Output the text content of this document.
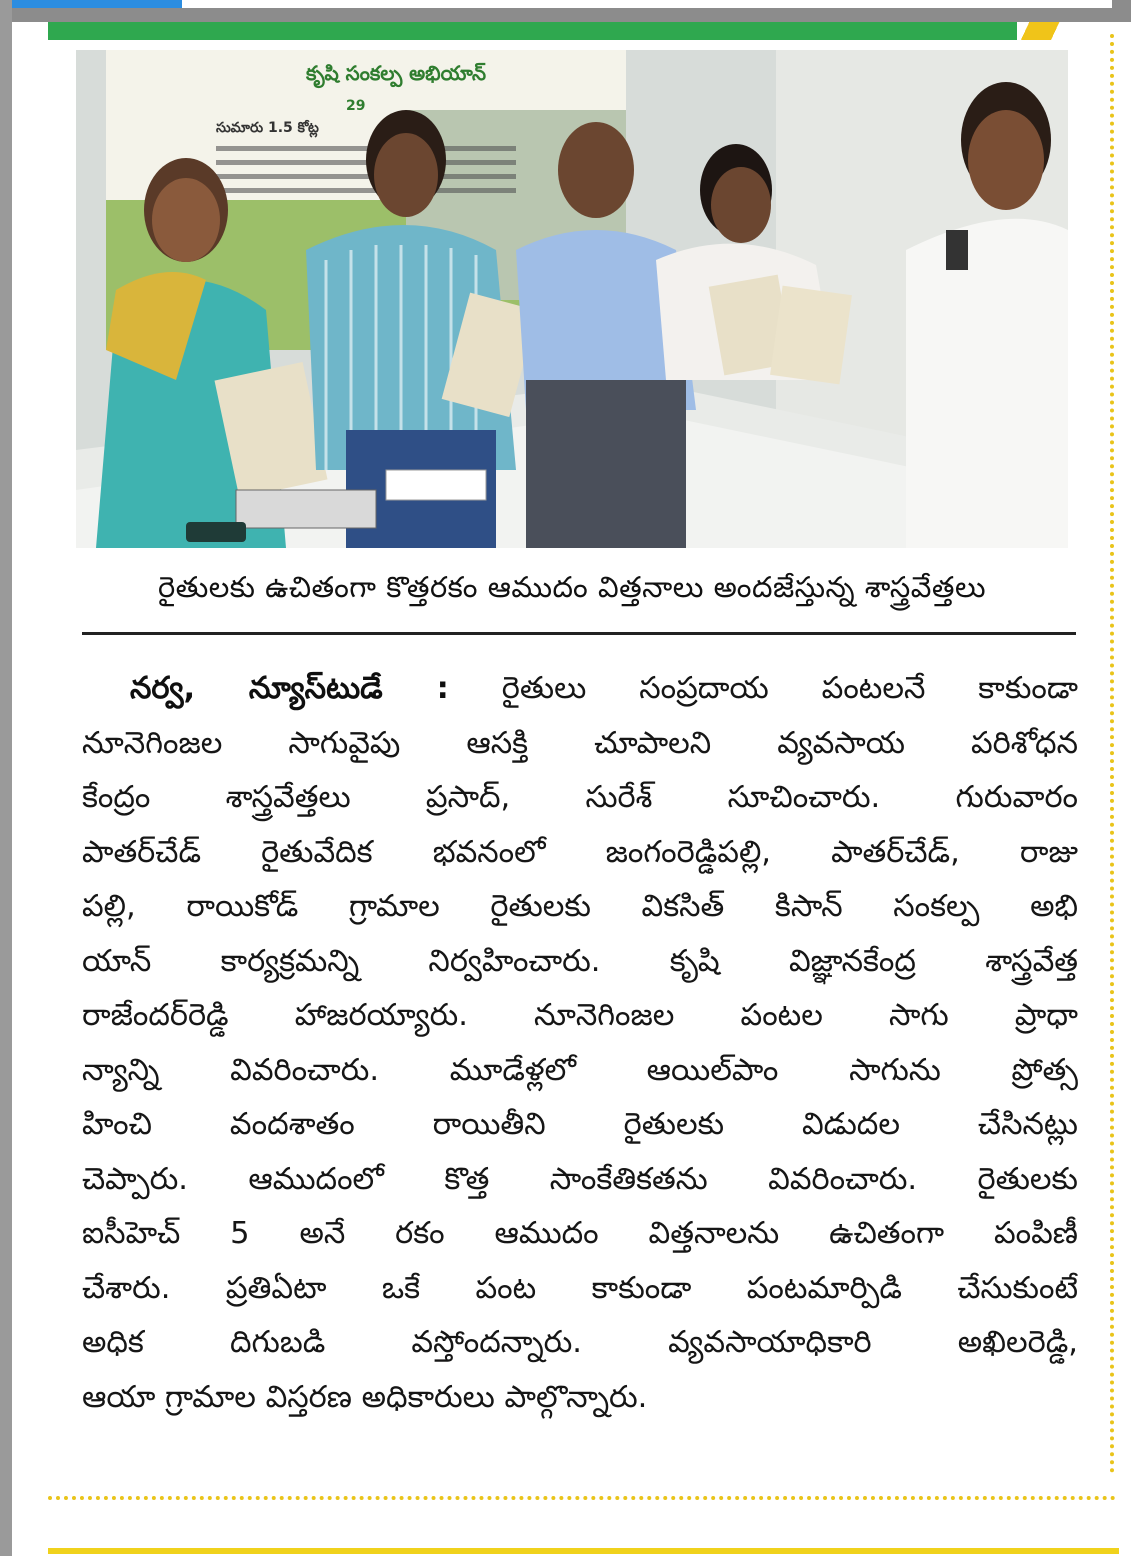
కృషి సంకల్ప అభియాన్
29
సుమారు 1.5 కోట్ల
రైతులకు ఉచితంగా కొత్తరకం ఆముదం విత్తనాలు అందజేస్తున్న శాస్త్రవేత్తలు
నర్వ, న్యూస్‌టుడే : రైతులు సంప్రదాయ పంటలనే కాకుండా
నూనెగింజల సాగువైపు ఆసక్తి చూపాలని వ్యవసాయ పరిశోధన
కేంద్రం శాస్త్రవేత్తలు ప్రసాద్, సురేశ్ సూచించారు. గురువారం
పాతర్‌చేడ్ రైతువేదిక భవనంలో జంగంరెడ్డిపల్లి, పాతర్‌చేడ్, రాజు
పల్లి, రాయికోడ్ గ్రామాల రైతులకు వికసిత్ కిసాన్ సంకల్ప అభి
యాన్ కార్యక్రమన్ని నిర్వహించారు. కృషి విజ్ఞానకేంద్ర శాస్త్రవేత్త
రాజేందర్‌రెడ్డి హాజరయ్యారు. నూనెగింజల పంటల సాగు ప్రాధా
న్యాన్ని వివరించారు. మూడేళ్లలో ఆయిల్‌పాం సాగును ప్రోత్స
హించి వందశాతం రాయితీని రైతులకు విడుదల చేసినట్లు
చెప్పారు. ఆముదంలో కొత్త సాంకేతికతను వివరించారు. రైతులకు
ఐసీహెచ్ 5 అనే రకం ఆముదం విత్తనాలను ఉచితంగా పంపిణీ
చేశారు. ప్రతిఏటా ఒకే పంట కాకుండా పంటమార్పిడి చేసుకుంటే
అధిక దిగుబడి వస్తోందన్నారు. వ్యవసాయాధికారి అఖిలరెడ్డి,
ఆయా గ్రామాల విస్తరణ అధికారులు పాల్గొన్నారు.
